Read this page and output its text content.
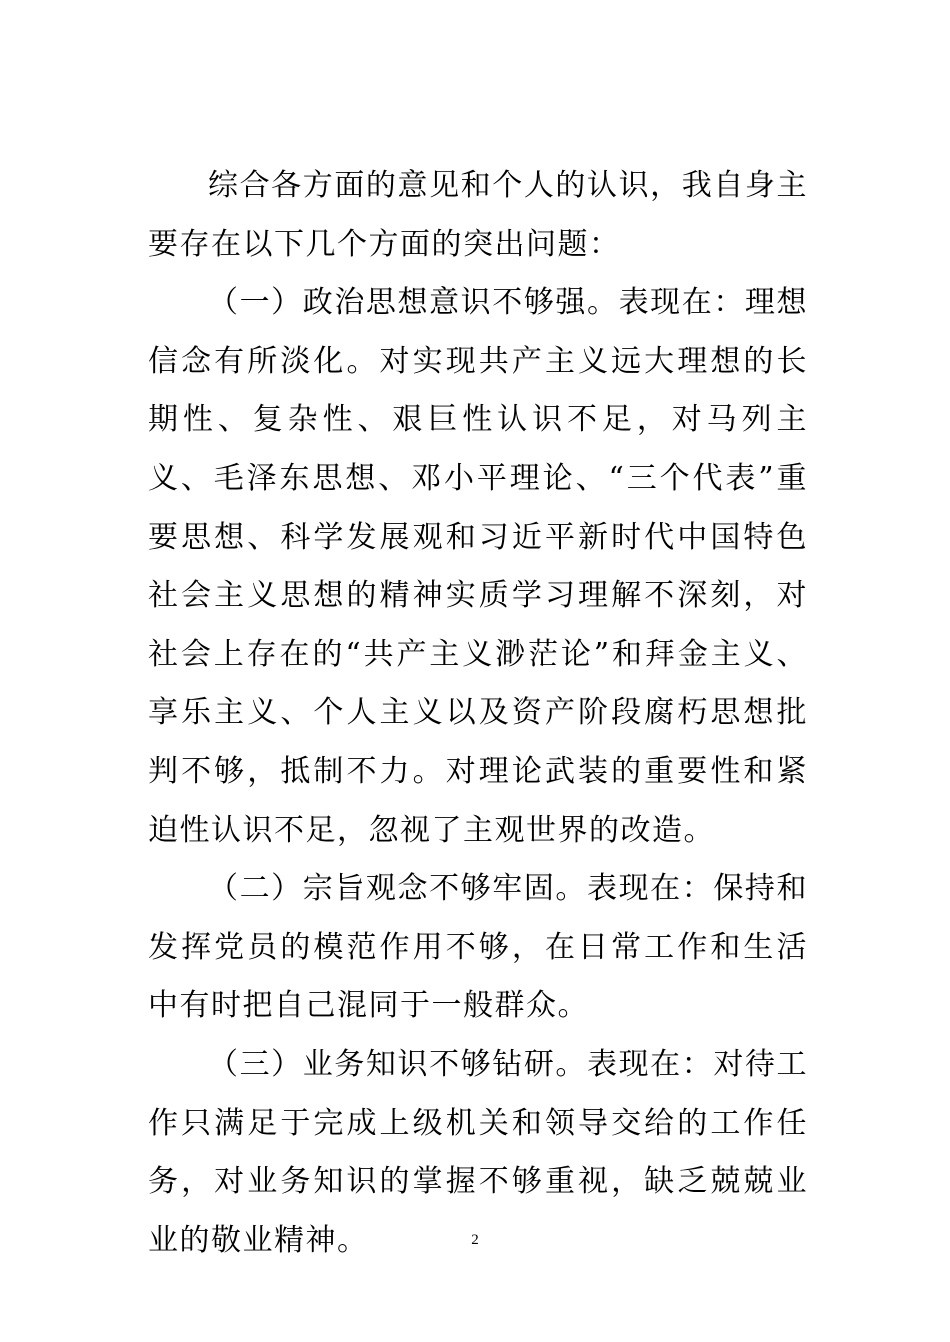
综合各方面的意见和个人的认识，我自身主要存在以下几个方面的突出问题：

（一）政治思想意识不够强。表现在：理想信念有所淡化。对实现共产主义远大理想的长期性、复杂性、艰巨性认识不足，对马列主义、毛泽东思想、邓小平理论、“三个代表”重要思想、科学发展观和习近平新时代中国特色社会主义思想的精神实质学习理解不深刻，对社会上存在的“共产主义渺茫论”和拜金主义、享乐主义、个人主义以及资产阶段腐朽思想批判不够，抵制不力。对理论武装的重要性和紧迫性认识不足，忽视了主观世界的改造。

（二）宗旨观念不够牢固。表现在：保持和发挥党员的模范作用不够，在日常工作和生活中有时把自己混同于一般群众。

（三）业务知识不够钻研。表现在：对待工作只满足于完成上级机关和领导交给的工作任务，对业务知识的掌握不够重视，缺乏兢兢业业的敬业精神。	2
